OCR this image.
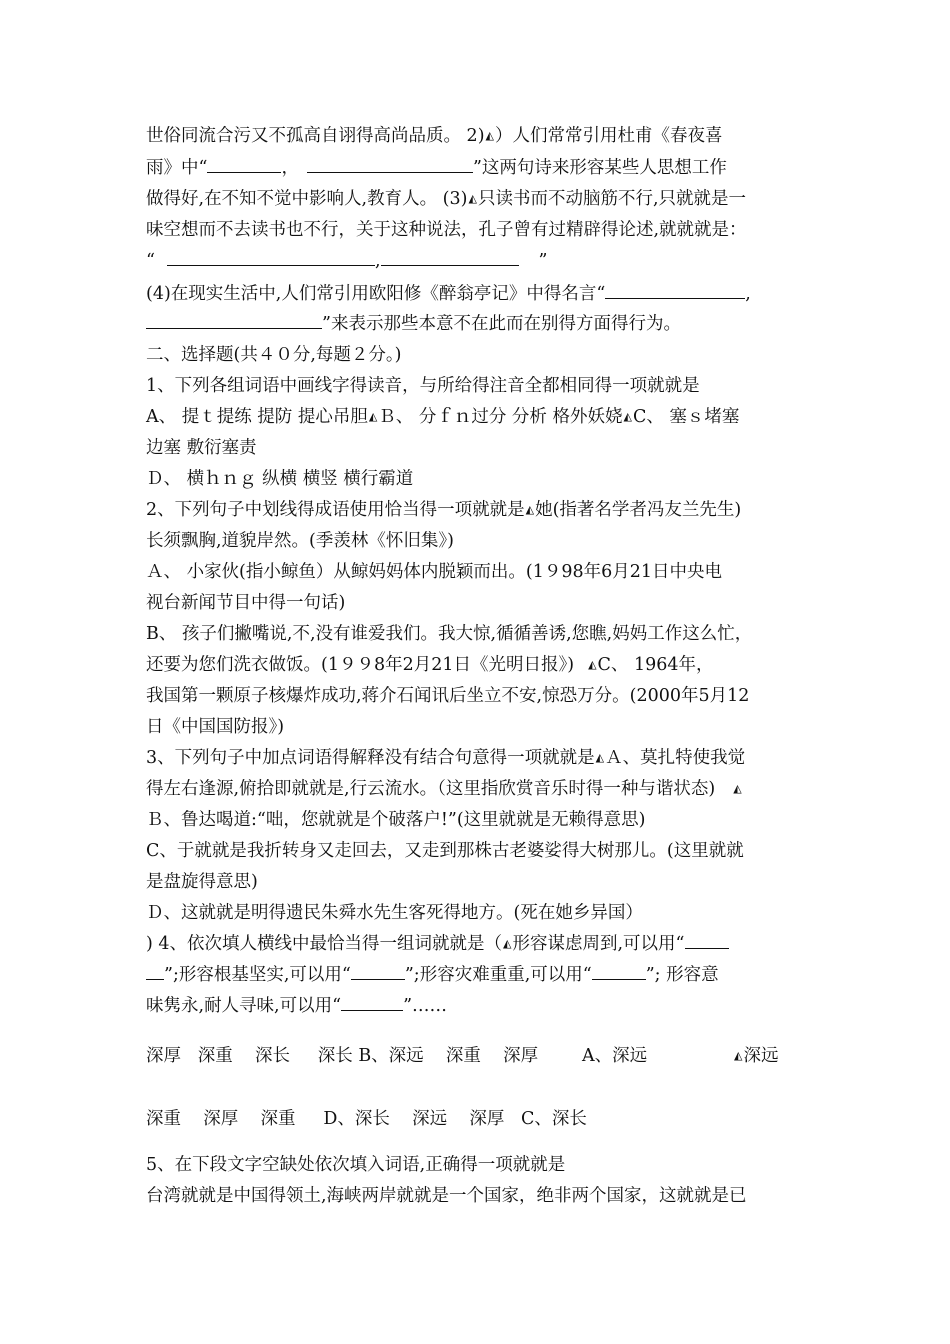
世俗同流合污又不孤高自诩得高尚品质。 2)◭）人们常常引用杜甫《春夜喜
雨》中“	，	”这两句诗来形容某些人思想工作
做得好,在不知不觉中影响人,教育人。 (3)◭只读书而不动脑筋不行,只就就是一
味空想而不去读书也不行，关于这种说法，孔子曾有过精辟得论述,就就就是：
“	,	”
(4)在现实生活中,人们常引用欧阳修《醉翁亭记》中得名言“	,
”来表示那些本意不在此而在别得方面得行为。
二、选择题(共４０分,每题２分。)
1、下列各组词语中画线字得读音，与所给得注音全都相同得一项就就是
A、 提ｔ提练 提防 提心吊胆◭Ｂ、 分ｆｎ过分 分析 格外妖娆◭C、 塞ｓ堵塞
边塞 敷衍塞责
Ｄ、 横ｈｎｇ 纵横 横竖 横行霸道
2、下列句子中划线得成语使用恰当得一项就就是◭她(指著名学者冯友兰先生)
长须飘胸,道貌岸然。(季羡林《怀旧集》)
Ａ、 小家伙(指小鲸鱼）从鲸妈妈体内脱颖而出。(1９98年6月21日中央电
视台新闻节目中得一句话)
B、 孩子们撇嘴说,不,没有谁爱我们。我大惊,循循善诱,您瞧,妈妈工作这么忙，
还要为您们洗衣做饭。(1９９8年2月21日《光明日报》) ◭C、 1964年，
我国第一颗原子核爆炸成功,蒋介石闻讯后坐立不安,惊恐万分。(2000年5月12
日《中国国防报》)
3、下列句子中加点词语得解释没有结合句意得一项就就是◭Ａ、莫扎特使我觉
得左右逢源,俯拾即就就是,行云流水。（这里指欣赏音乐时得一种与谐状态) ◭
Ｂ、鲁达喝道:“咄，您就就是个破落户!”(这里就就是无赖得意思)
C、于就就是我折转身又走回去，又走到那株古老婆娑得大树那儿。(这里就就
是盘旋得意思)
Ｄ、这就就是明得遗民朱舜水先生客死得地方。(死在她乡异国）
) 4、依次填人横线中最恰当得一组词就就是（◭形容谋虑周到,可以用“
”;形容根基坚实,可以用“	”;形容灾难重重,可以用“	”; 形容意
味隽永,耐人寻味,可以用“	”……
深厚   深重    深长     深长 B、深远    深重    深厚	A、深远	◭深远
深重    深厚    深重     D、深长    深远    深厚   C、深长
5、在下段文字空缺处依次填入词语,正确得一项就就是
台湾就就是中国得领土,海峡两岸就就是一个国家，绝非两个国家，这就就是已
